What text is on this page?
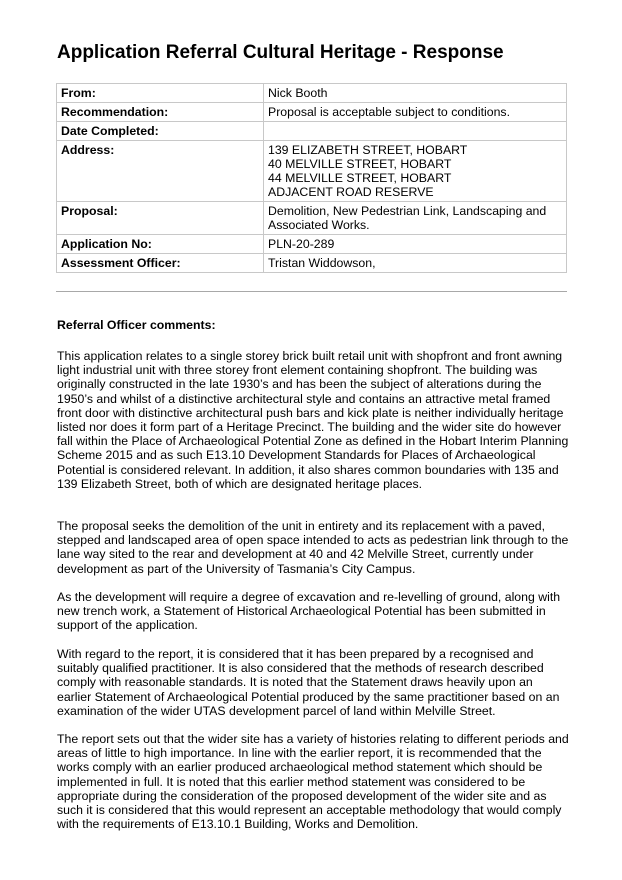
Application Referral Cultural Heritage - Response
From:	Nick Booth
Recommendation:	Proposal is acceptable subject to conditions.
Date Completed:	
Address:	139 ELIZABETH STREET, HOBART
40 MELVILLE STREET, HOBART
44 MELVILLE STREET, HOBART
ADJACENT ROAD RESERVE
Proposal:	Demolition, New Pedestrian Link, Landscaping and Associated Works.
Application No:	PLN-20-289
Assessment Officer:	Tristan Widdowson,

Referral Officer comments:

This application relates to a single storey brick built retail unit with shopfront and front awning light industrial unit with three storey front element containing shopfront. The building was originally constructed in the late 1930’s and has been the subject of alterations during the 1950’s and whilst of a distinctive architectural style and contains an attractive metal framed front door with distinctive architectural push bars and kick plate is neither individually heritage listed nor does it form part of a Heritage Precinct. The building and the wider site do however fall within the Place of Archaeological Potential Zone as defined in the Hobart Interim Planning Scheme 2015 and as such E13.10 Development Standards for Places of Archaeological Potential is considered relevant. In addition, it also shares common boundaries with 135 and 139 Elizabeth Street, both of which are designated heritage places.

The proposal seeks the demolition of the unit in entirety and its replacement with a paved, stepped and landscaped area of open space intended to acts as pedestrian link through to the lane way sited to the rear and development at 40 and 42 Melville Street, currently under development as part of the University of Tasmania’s City Campus.

As the development will require a degree of excavation and re-levelling of ground, along with new trench work, a Statement of Historical Archaeological Potential has been submitted in support of the application.

With regard to the report, it is considered that it has been prepared by a recognised and suitably qualified practitioner. It is also considered that the methods of research described comply with reasonable standards. It is noted that the Statement draws heavily upon an earlier Statement of Archaeological Potential produced by the same practitioner based on an examination of the wider UTAS development parcel of land within Melville Street.

The report sets out that the wider site has a variety of histories relating to different periods and areas of little to high importance. In line with the earlier report, it is recommended that the works comply with an earlier produced archaeological method statement which should be implemented in full. It is noted that this earlier method statement was considered to be appropriate during the consideration of the proposed development of the wider site and as such it is considered that this would represent an acceptable methodology that would comply with the requirements of E13.10.1 Building, Works and Demolition.
